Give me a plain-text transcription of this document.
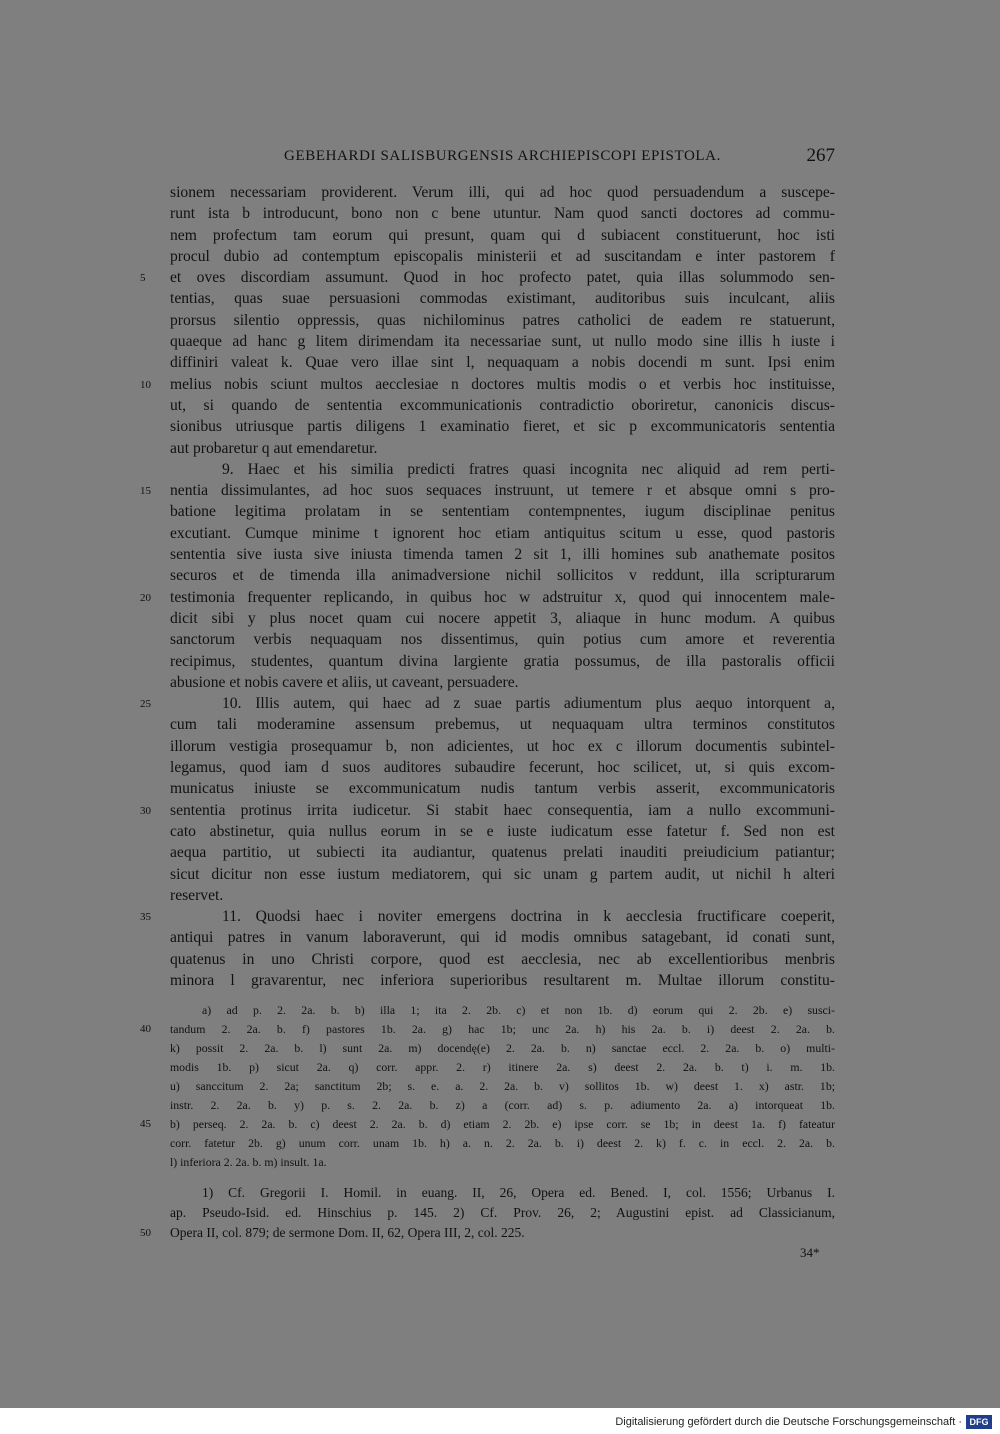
GEBEHARDI SALISBURGENSIS ARCHIEPISCOPI EPISTOLA.	267
sionem necessariam providerent. Verum illi, qui ad hoc quod persuadendum a suscepe-
runt ista b introducunt, bono non c bene utuntur. Nam quod sancti doctores ad commu-
nem profectum tam eorum qui presunt, quam qui d subiacent constituerunt, hoc isti
procul dubio ad contemptum episcopalis ministerii et ad suscitandam e inter pastorem f
5	et oves discordiam assumunt. Quod in hoc profecto patet, quia illas solummodo sen-
tentias, quas suae persuasioni commodas existimant, auditoribus suis inculcant, aliis
prorsus silentio oppressis, quas nichilominus patres catholici de eadem re statuerunt,
quaeque ad hanc g litem dirimendam ita necessariae sunt, ut nullo modo sine illis h iuste i
diffiniri valeat k. Quae vero illae sint l, nequaquam a nobis docendi m sunt. Ipsi enim
10	melius nobis sciunt multos aecclesiae n doctores multis modis o et verbis hoc instituisse,
ut, si quando de sententia excommunicationis contradictio oboriretur, canonicis discus-
sionibus utriusque partis diligens 1 examinatio fieret, et sic p excommunicatoris sententia
aut probaretur q aut emendaretur.
9. Haec et his similia predicti fratres quasi incognita nec aliquid ad rem perti-
15	nentia dissimulantes, ad hoc suos sequaces instruunt, ut temere r et absque omni s pro-
batione legitima prolatam in se sententiam contempnentes, iugum disciplinae penitus
excutiant. Cumque minime t ignorent hoc etiam antiquitus scitum u esse, quod pastoris
sententia sive iusta sive iniusta timenda tamen 2 sit 1, illi homines sub anathemate positos
securos et de timenda illa animadversione nichil sollicitos v reddunt, illa scripturarum
20	testimonia frequenter replicando, in quibus hoc w adstruitur x, quod qui innocentem male-
dicit sibi y plus nocet quam cui nocere appetit 3, aliaque in hunc modum. A quibus
sanctorum verbis nequaquam nos dissentimus, quin potius cum amore et reverentia
recipimus, studentes, quantum divina largiente gratia possumus, de illa pastoralis officii
abusione et nobis cavere et aliis, ut caveant, persuadere.
25	10. Illis autem, qui haec ad z suae partis adiumentum plus aequo intorquent a,
cum tali moderamine assensum prebemus, ut nequaquam ultra terminos constitutos
illorum vestigia prosequamur b, non adicientes, ut hoc ex c illorum documentis subintel-
legamus, quod iam d suos auditores subaudire fecerunt, hoc scilicet, ut, si quis excom-
municatus iniuste se excommunicatum nudis tantum verbis asserit, excommunicatoris
30	sententia protinus irrita iudicetur. Si stabit haec consequentia, iam a nullo excommuni-
cato abstinetur, quia nullus eorum in se e iuste iudicatum esse fatetur f. Sed non est
aequa partitio, ut subiecti ita audiantur, quatenus prelati inauditi preiudicium patiantur;
sicut dicitur non esse iustum mediatorem, qui sic unam g partem audit, ut nichil h alteri
reservet.
35	11. Quodsi haec i noviter emergens doctrina in k aecclesia fructificare coeperit,
antiqui patres in vanum laboraverunt, qui id modis omnibus satagebant, id conati sunt,
quatenus in uno Christi corpore, quod est aecclesia, nec ab excellentioribus menbris
minora l gravarentur, nec inferiora superioribus resultarent m. Multae illorum constitu-
a) ad p. 2. 2a. b. b) illa 1; ita 2. 2b. c) et non 1b. d) eorum qui 2. 2b. e) susci-
40	tandum 2. 2a. b. f) pastores 1b. 2a. g) hac 1b; unc 2a. h) his 2a. b. i) deest 2. 2a. b.
k) possit 2. 2a. b. l) sunt 2a. m) docendę(e) 2. 2a. b. n) sanctae eccl. 2. 2a. b. o) multi-
modis 1b. p) sicut 2a. q) corr. appr. 2. r) itinere 2a. s) deest 2. 2a. b. t) i. m. 1b.
u) sanccitum 2. 2a; sanctitum 2b; s. e. a. 2. 2a. b. v) sollitos 1b. w) deest 1. x) astr. 1b;
instr. 2. 2a. b. y) p. s. 2. 2a. b. z) a (corr. ad) s. p. adiumento 2a. a) intorqueat 1b.
45	b) perseq. 2. 2a. b. c) deest 2. 2a. b. d) etiam 2. 2b. e) ipse corr. se 1b; in deest 1a. f) fateatur
corr. fatetur 2b. g) unum corr. unam 1b. h) a. n. 2. 2a. b. i) deest 2. k) f. c. in eccl. 2. 2a. b.
l) inferiora 2. 2a. b. m) insult. 1a.
1) Cf. Gregorii I. Homil. in euang. II, 26, Opera ed. Bened. I, col. 1556; Urbanus I.
ap. Pseudo-Isid. ed. Hinschius p. 145. 2) Cf. Prov. 26, 2; Augustini epist. ad Classicianum,
50	Opera II, col. 879; de sermone Dom. II, 62, Opera III, 2, col. 225.
34*
Digitalisierung gefördert durch die Deutsche Forschungsgemeinschaft · DFG
